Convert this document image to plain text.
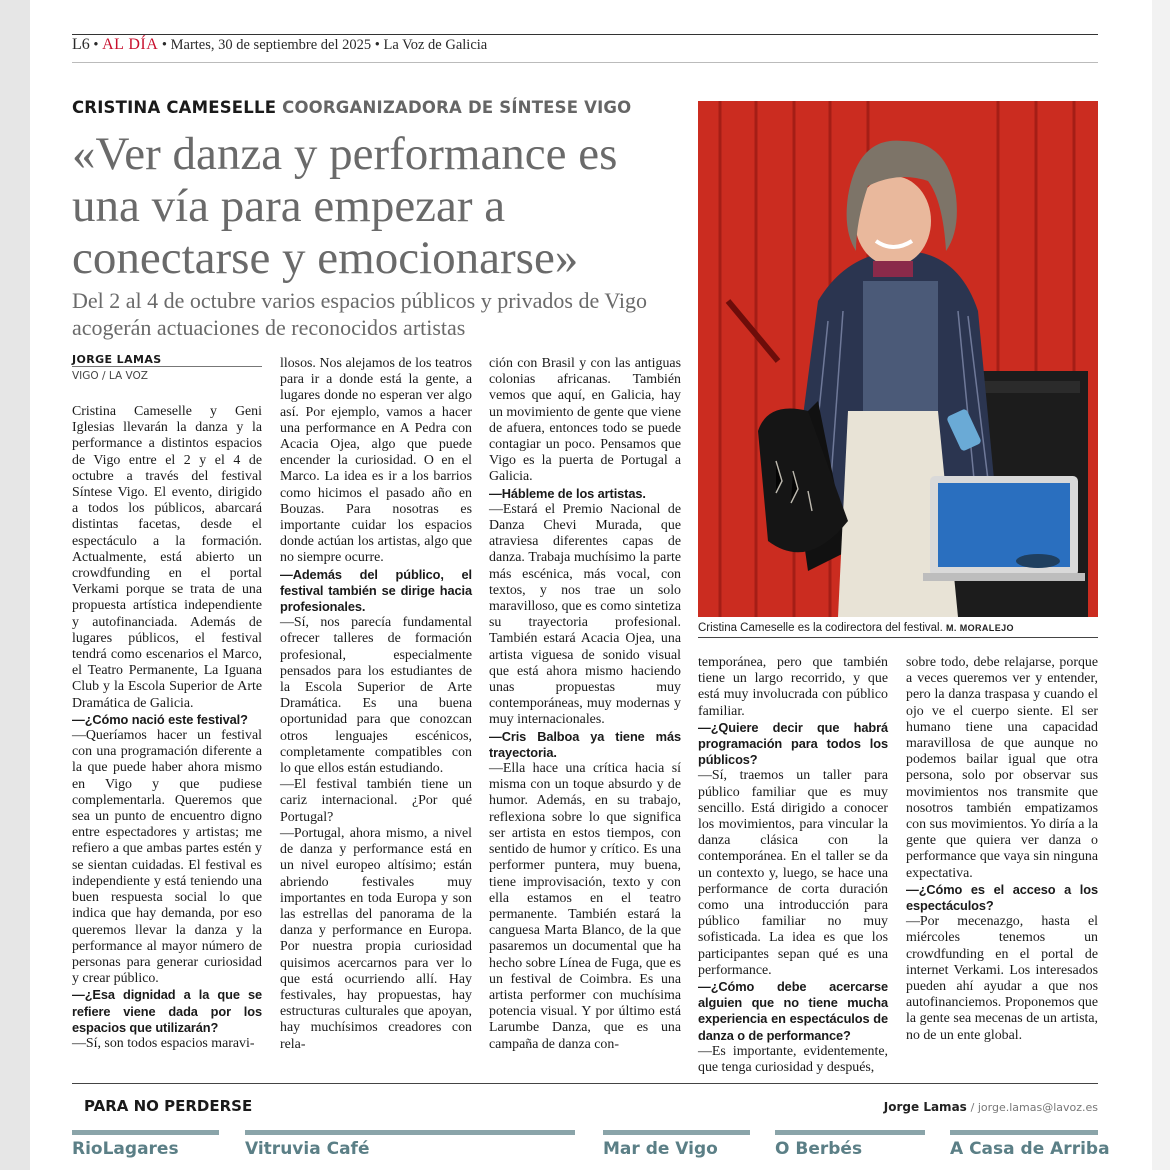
L6 • AL DÍA • Martes, 30 de septiembre del 2025 • La Voz de Galicia
CRISTINA CAMESELLE COORGANIZADORA DE SÍNTESE VIGO
«Ver danza y performance es una vía para empezar a conectarse y emocionarse»
Del 2 al 4 de octubre varios espacios públicos y privados de Vigo acogerán actuaciones de reconocidos artistas
JORGE LAMAS
VIGO / LA VOZ

Cristina Cameselle y Geni Iglesias llevarán la danza y la performance a distintos espacios de Vigo entre el 2 y el 4 de octubre a través del festival Síntese Vigo. El evento, dirigido a todos los públicos, abarcará distintas facetas, desde el espectáculo a la formación. Actualmente, está abierto un crowdfunding en el portal Verkami porque se trata de una propuesta artística independiente y autofinanciada. Además de lugares públicos, el festival tendrá como escenarios el Marco, el Teatro Permanente, La Iguana Club y la Escola Superior de Arte Dramática de Galicia.

—¿Cómo nació este festival?

—Queríamos hacer un festival con una programación diferente a la que puede haber ahora mismo en Vigo y que pudiese complementarla. Queremos que sea un punto de encuentro digno entre espectadores y artistas; me refiero a que ambas partes estén y se sientan cuidadas. El festival es independiente y está teniendo una buen respuesta social lo que indica que hay demanda, por eso queremos llevar la danza y la performance al mayor número de personas para generar curiosidad y crear público.

—¿Esa dignidad a la que se refiere viene dada por los espacios que utilizarán?

—Sí, son todos espacios maravi-

llosos. Nos alejamos de los teatros para ir a donde está la gente, a lugares donde no esperan ver algo así. Por ejemplo, vamos a hacer una performance en A Pedra con Acacia Ojea, algo que puede encender la curiosidad. O en el Marco. La idea es ir a los barrios como hicimos el pasado año en Bouzas. Para nosotras es importante cuidar los espacios donde actúan los artistas, algo que no siempre ocurre.

—Además del público, el festival también se dirige hacia profesionales.

—Sí, nos parecía fundamental ofrecer talleres de formación profesional, especialmente pensados para los estudiantes de la Escola Superior de Arte Dramática. Es una buena oportunidad para que conozcan otros lenguajes escénicos, completamente compatibles con lo que ellos están estudiando.

—El festival también tiene un cariz internacional. ¿Por qué Portugal?

—Portugal, ahora mismo, a nivel de danza y performance está en un nivel europeo altísimo; están abriendo festivales muy importantes en toda Europa y son las estrellas del panorama de la danza y performance en Europa. Por nuestra propia curiosidad quisimos acercarnos para ver lo que está ocurriendo allí. Hay festivales, hay propuestas, hay estructuras culturales que apoyan, hay muchísimos creadores con rela-

ción con Brasil y con las antiguas colonias africanas. También vemos que aquí, en Galicia, hay un movimiento de gente que viene de afuera, entonces todo se puede contagiar un poco. Pensamos que Vigo es la puerta de Portugal a Galicia.

—Hábleme de los artistas.

—Estará el Premio Nacional de Danza Chevi Murada, que atraviesa diferentes capas de danza. Trabaja muchísimo la parte más escénica, más vocal, con textos, y nos trae un solo maravilloso, que es como sintetiza su trayectoria profesional. También estará Acacia Ojea, una artista viguesa de sonido visual que está ahora mismo haciendo unas propuestas muy contemporáneas, muy modernas y muy internacionales.

—Cris Balboa ya tiene más trayectoria.

—Ella hace una crítica hacia sí misma con un toque absurdo y de humor. Además, en su trabajo, reflexiona sobre lo que significa ser artista en estos tiempos, con sentido de humor y crítico. Es una performer puntera, muy buena, tiene improvisación, texto y con ella estamos en el teatro permanente. También estará la canguesa Marta Blanco, de la que pasaremos un documental que ha hecho sobre Línea de Fuga, que es un festival de Coimbra. Es una artista performer con muchísima potencia visual. Y por último está Larumbe Danza, que es una campaña de danza con-

temporánea, pero que también tiene un largo recorrido, y que está muy involucrada con público familiar.

—¿Quiere decir que habrá programación para todos los públicos?

—Sí, traemos un taller para público familiar que es muy sencillo. Está dirigido a conocer los movimientos, para vincular la danza clásica con la contemporánea. En el taller se da un contexto y, luego, se hace una performance de corta duración como una introducción para público familiar no muy sofisticada. La idea es que los participantes sepan qué es una performance.

—¿Cómo debe acercarse alguien que no tiene mucha experiencia en espectáculos de danza o de performance?

—Es importante, evidentemente, que tenga curiosidad y después,

sobre todo, debe relajarse, porque a veces queremos ver y entender, pero la danza traspasa y cuando el ojo ve el cuerpo siente. El ser humano tiene una capacidad maravillosa de que aunque no podemos bailar igual que otra persona, solo por observar sus movimientos nos transmite que nosotros también empatizamos con sus movimientos. Yo diría a la gente que quiera ver danza o performance que vaya sin ninguna expectativa.

—¿Cómo es el acceso a los espectáculos?

—Por mecenazgo, hasta el miércoles tenemos un crowdfunding en el portal de internet Verkami. Los interesados pueden ahí ayudar a que nos autofinanciemos. Proponemos que la gente sea mecenas de un artista, no de un ente global.

Cristina Cameselle es la codirectora del festival. M. MORALEJO
PARA NO PERDERSE	Jorge Lamas / jorge.lamas@lavoz.es
RioLagares	Vitruvia Café	Mar de Vigo	O Berbés	A Casa de Arriba
